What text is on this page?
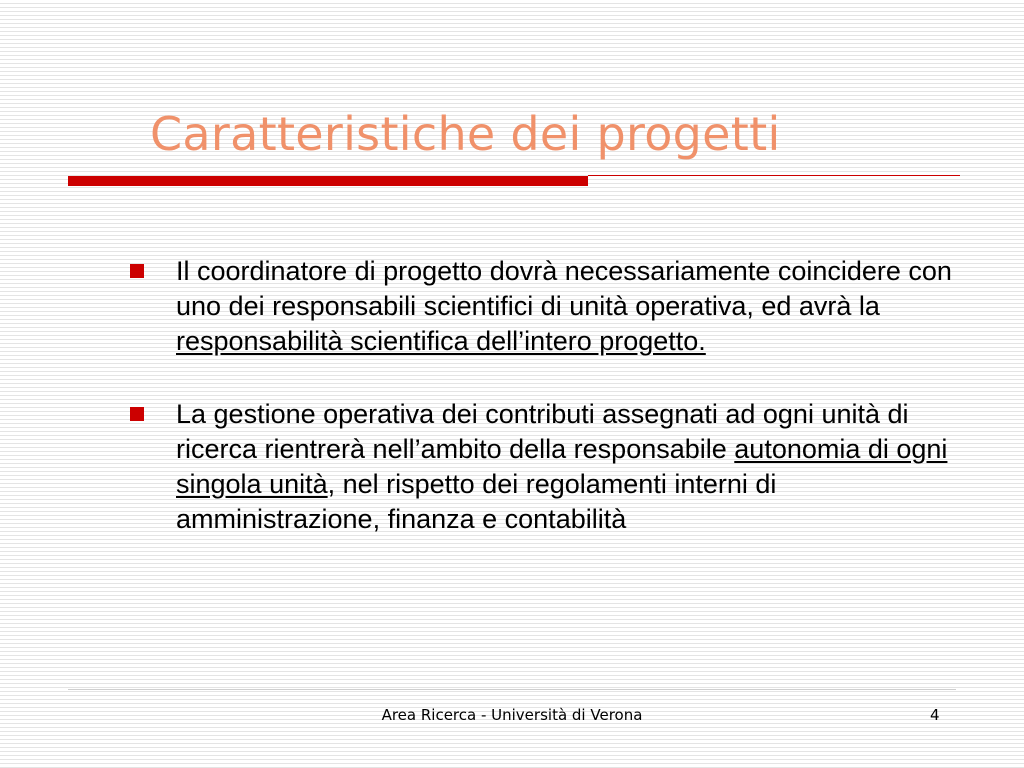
Caratteristiche dei progetti
Il coordinatore di progetto dovrà necessariamente coincidere con uno dei responsabili scientifici di unità operativa, ed avrà la responsabilità scientifica dell’intero progetto.
La gestione operativa dei contributi assegnati ad ogni unità di ricerca rientrerà nell’ambito della responsabile autonomia di ogni singola unità, nel rispetto dei regolamenti interni di amministrazione, finanza e contabilità
Area Ricerca - Università di Verona	4
